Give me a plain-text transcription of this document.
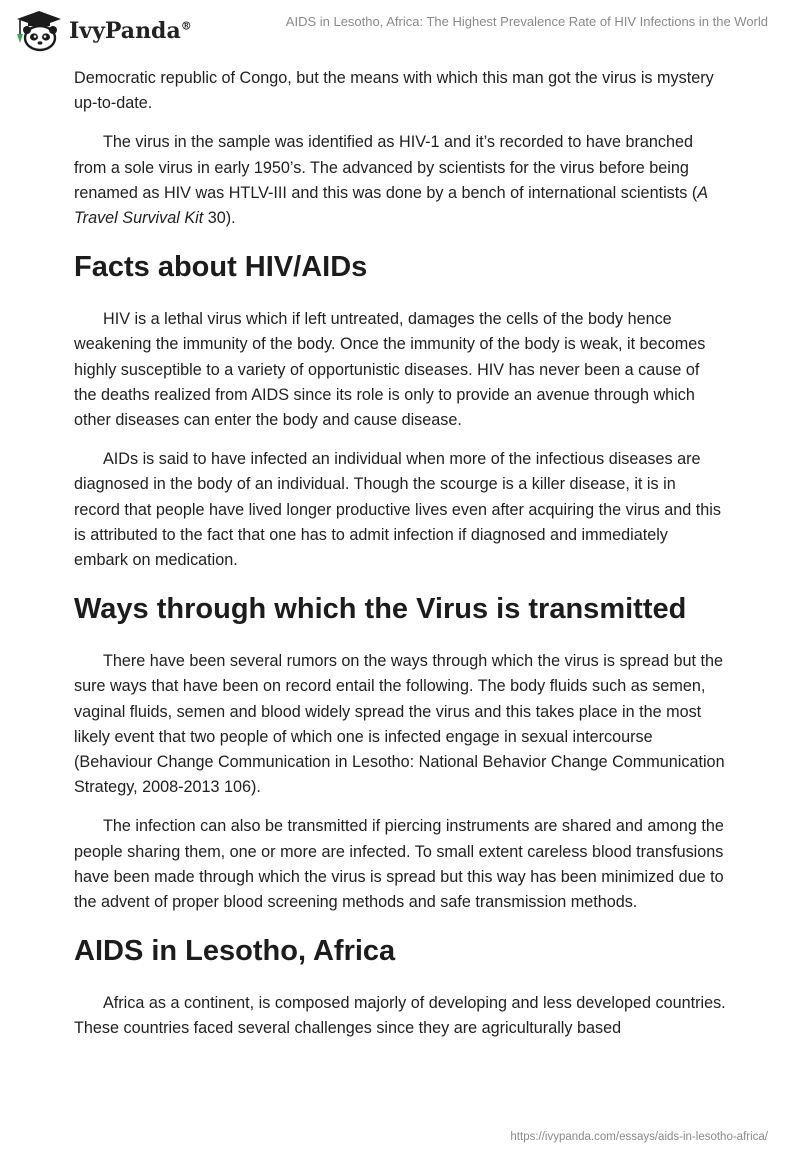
IvyPanda®	AIDS in Lesotho, Africa: The Highest Prevalence Rate of HIV Infections in the World

Democratic republic of Congo, but the means with which this man got the virus is mystery up-to-date.

The virus in the sample was identified as HIV-1 and it’s recorded to have branched from a sole virus in early 1950’s. The advanced by scientists for the virus before being renamed as HIV was HTLV-III and this was done by a bench of international scientists (A Travel Survival Kit 30).

Facts about HIV/AIDs

HIV is a lethal virus which if left untreated, damages the cells of the body hence weakening the immunity of the body. Once the immunity of the body is weak, it becomes highly susceptible to a variety of opportunistic diseases. HIV has never been a cause of the deaths realized from AIDS since its role is only to provide an avenue through which other diseases can enter the body and cause disease.

AIDs is said to have infected an individual when more of the infectious diseases are diagnosed in the body of an individual. Though the scourge is a killer disease, it is in record that people have lived longer productive lives even after acquiring the virus and this is attributed to the fact that one has to admit infection if diagnosed and immediately embark on medication.

Ways through which the Virus is transmitted

There have been several rumors on the ways through which the virus is spread but the sure ways that have been on record entail the following. The body fluids such as semen, vaginal fluids, semen and blood widely spread the virus and this takes place in the most likely event that two people of which one is infected engage in sexual intercourse (Behaviour Change Communication in Lesotho: National Behavior Change Communication Strategy, 2008-2013 106).

The infection can also be transmitted if piercing instruments are shared and among the people sharing them, one or more are infected. To small extent careless blood transfusions have been made through which the virus is spread but this way has been minimized due to the advent of proper blood screening methods and safe transmission methods.

AIDS in Lesotho, Africa

Africa as a continent, is composed majorly of developing and less developed countries. These countries faced several challenges since they are agriculturally based

https://ivypanda.com/essays/aids-in-lesotho-africa/
